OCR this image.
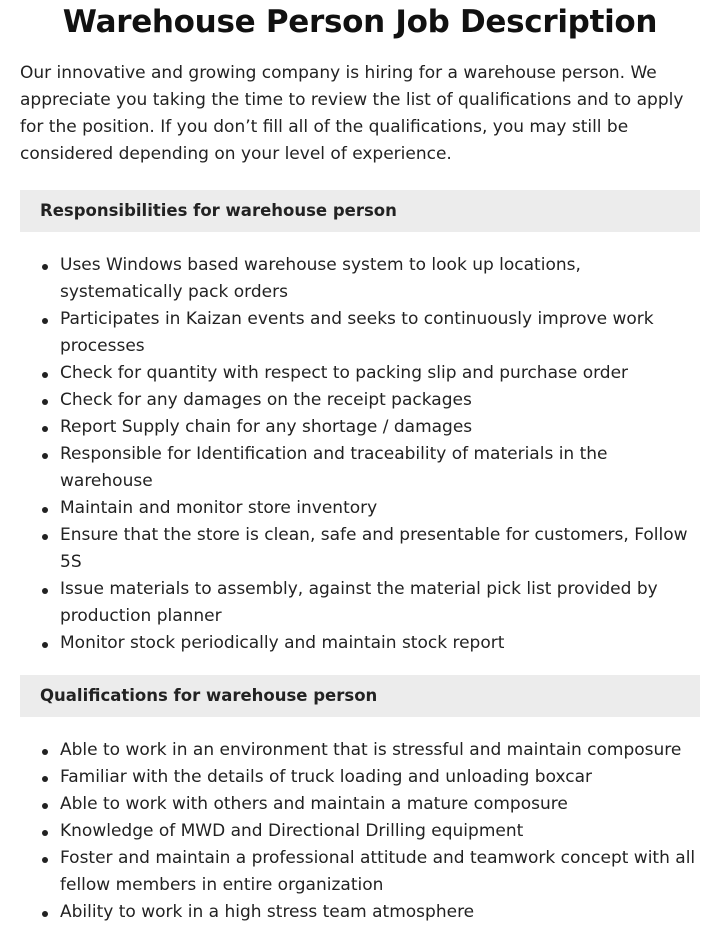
Warehouse Person Job Description

Our innovative and growing company is hiring for a warehouse person. We appreciate you taking the time to review the list of qualifications and to apply for the position. If you don’t fill all of the qualifications, you may still be considered depending on your level of experience.

Responsibilities for warehouse person
Uses Windows based warehouse system to look up locations, systematically pack orders
Participates in Kaizan events and seeks to continuously improve work processes
Check for quantity with respect to packing slip and purchase order
Check for any damages on the receipt packages
Report Supply chain for any shortage / damages
Responsible for Identification and traceability of materials in the warehouse
Maintain and monitor store inventory
Ensure that the store is clean, safe and presentable for customers, Follow 5S
Issue materials to assembly, against the material pick list provided by production planner
Monitor stock periodically and maintain stock report
Qualifications for warehouse person
Able to work in an environment that is stressful and maintain composure
Familiar with the details of truck loading and unloading boxcar
Able to work with others and maintain a mature composure
Knowledge of MWD and Directional Drilling equipment
Foster and maintain a professional attitude and teamwork concept with all fellow members in entire organization
Ability to work in a high stress team atmosphere
